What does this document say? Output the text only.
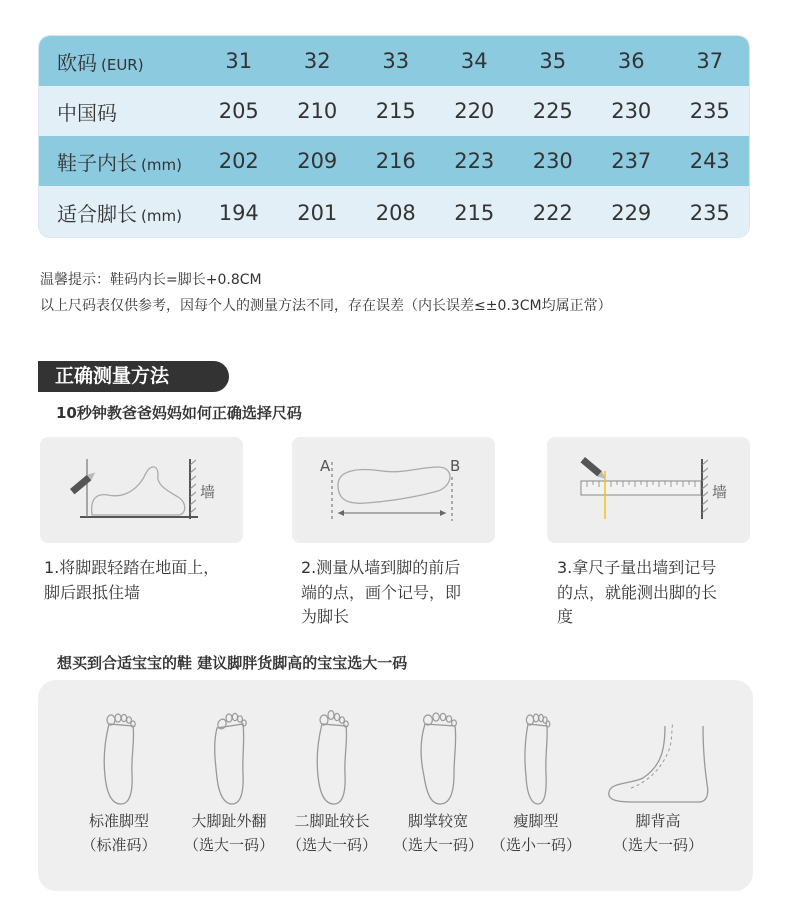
欧码 (EUR)	31	32	33	34	35	36	37
中国码	205	210	215	220	225	230	235
鞋子内长 (mm)	202	209	216	223	230	237	243
适合脚长 (mm)	194	201	208	215	222	229	235
温馨提示：鞋码内长=脚长+0.8CM
以上尺码表仅供参考，因每个人的测量方法不同，存在误差（内长误差≤±0.3CM均属正常）
正确测量方法
10秒钟教爸爸妈妈如何正确选择尺码
墙
A	B
墙
1.将脚跟轻踏在地面上，
脚后跟抵住墙
2.测量从墙到脚的前后
端的点，画个记号，即
为脚长
3.拿尺子量出墙到记号
的点，就能测出脚的长
度
想买到合适宝宝的鞋 建议脚胖货脚高的宝宝选大一码
标准脚型
（标准码）
大脚趾外翻
（选大一码）
二脚趾较长
（选大一码）
脚掌较宽
（选大一码）
瘦脚型
（选小一码）
脚背高
（选大一码）
